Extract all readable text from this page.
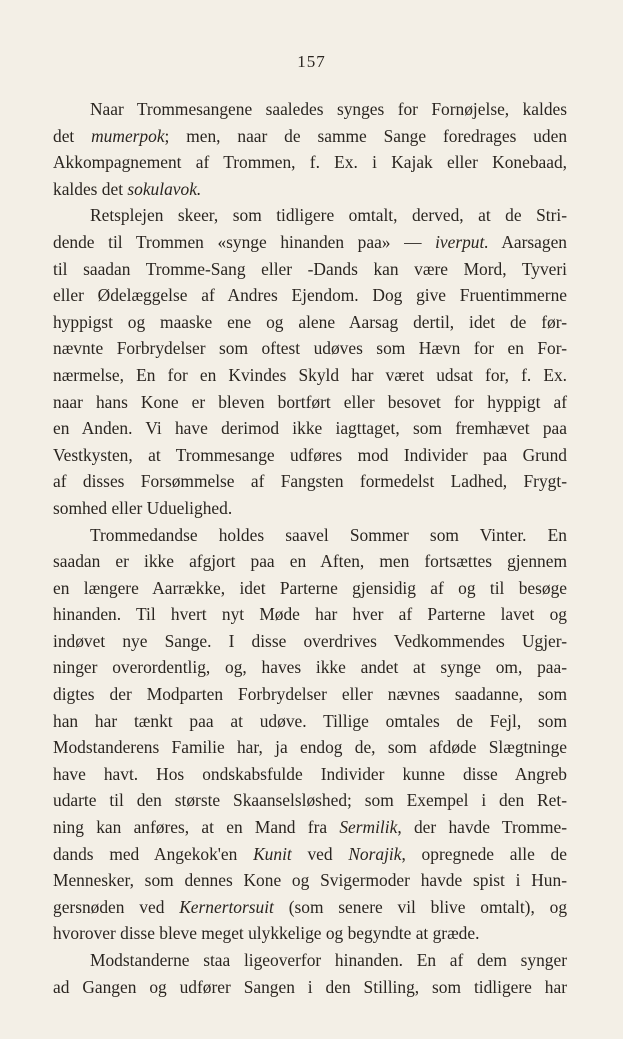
157
Naar Trommesangene saaledes synges for Fornøjelse, kaldes
det mumerpok; men, naar de samme Sange foredrages uden
Akkompagnement af Trommen, f. Ex. i Kajak eller Konebaad,
kaldes det sokulavok.
Retsplejen skeer, som tidligere omtalt, derved, at de Stri-
dende til Trommen «synge hinanden paa» — iverput. Aarsagen
til saadan Tromme-Sang eller -Dands kan være Mord, Tyveri
eller Ødelæggelse af Andres Ejendom. Dog give Fruentimmerne
hyppigst og maaske ene og alene Aarsag dertil, idet de før-
nævnte Forbrydelser som oftest udøves som Hævn for en For-
nærmelse, En for en Kvindes Skyld har været udsat for, f. Ex.
naar hans Kone er bleven bortført eller besovet for hyppigt af
en Anden. Vi have derimod ikke iagttaget, som fremhævet paa
Vestkysten, at Trommesange udføres mod Individer paa Grund
af disses Forsømmelse af Fangsten formedelst Ladhed, Frygt-
somhed eller Uduelighed.
Trommedandse holdes saavel Sommer som Vinter. En
saadan er ikke afgjort paa en Aften, men fortsættes gjennem
en længere Aarrække, idet Parterne gjensidig af og til besøge
hinanden. Til hvert nyt Møde har hver af Parterne lavet og
indøvet nye Sange. I disse overdrives Vedkommendes Ugjer-
ninger overordentlig, og, haves ikke andet at synge om, paa-
digtes der Modparten Forbrydelser eller nævnes saadanne, som
han har tænkt paa at udøve. Tillige omtales de Fejl, som
Modstanderens Familie har, ja endog de, som afdøde Slægtninge
have havt. Hos ondskabsfulde Individer kunne disse Angreb
udarte til den største Skaanselsløshed; som Exempel i den Ret-
ning kan anføres, at en Mand fra Sermilik, der havde Tromme-
dands med Angekok'en Kunit ved Norajik, opregnede alle de
Mennesker, som dennes Kone og Svigermoder havde spist i Hun-
gersnøden ved Kernertorsuit (som senere vil blive omtalt), og
hvorover disse bleve meget ulykkelige og begyndte at græde.
Modstanderne staa ligeoverfor hinanden. En af dem synger
ad Gangen og udfører Sangen i den Stilling, som tidligere har
